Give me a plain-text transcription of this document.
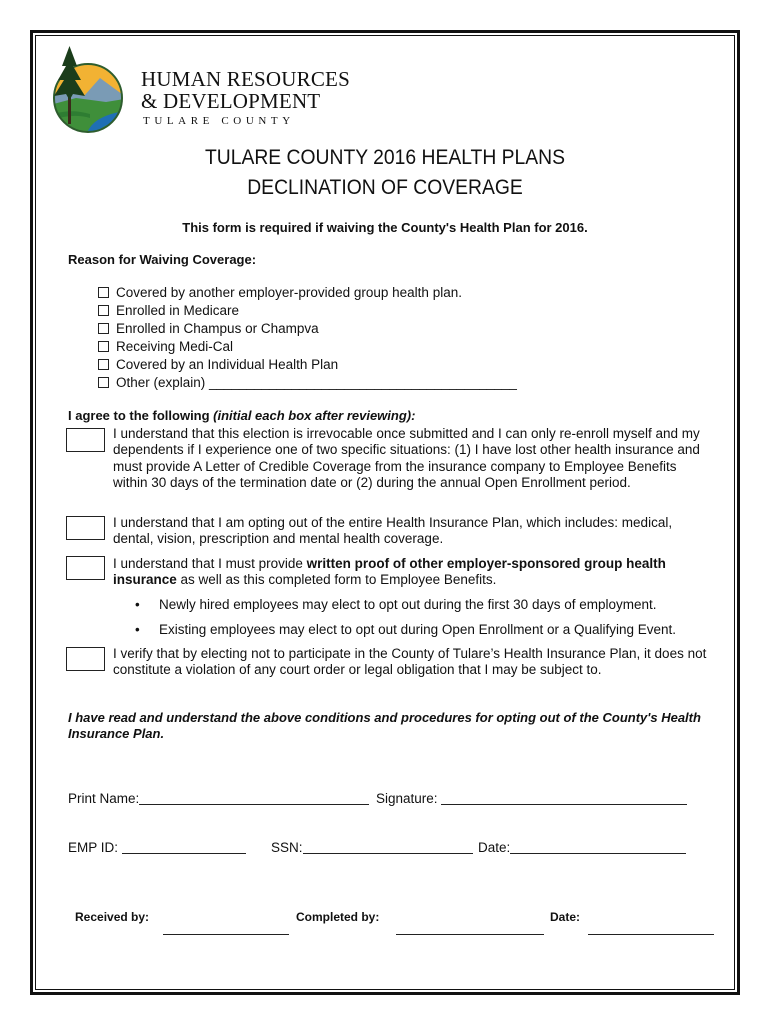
HUMAN RESOURCES
& DEVELOPMENT
TULARE COUNTY
TULARE COUNTY 2016 HEALTH PLANS
DECLINATION OF COVERAGE
This form is required if waiving the County's Health Plan for 2016.
Reason for Waiving Coverage:
Covered by another employer-provided group health plan.
Enrolled in Medicare
Enrolled in Champus or Champva
Receiving Medi-Cal
Covered by an Individual Health Plan
Other (explain) _________________________________________
I agree to the following (initial each box after reviewing):
I understand that this election is irrevocable once submitted and I can only re-enroll myself and my dependents if I experience one of two specific situations: (1) I have lost other health insurance and must provide A Letter of Credible Coverage from the insurance company to Employee Benefits within 30 days of the termination date or (2) during the annual Open Enrollment period.
I understand that I am opting out of the entire Health Insurance Plan, which includes: medical, dental, vision, prescription and mental health coverage.
I understand that I must provide written proof of other employer-sponsored group health insurance as well as this completed form to Employee Benefits.
• Newly hired employees may elect to opt out during the first 30 days of employment.
• Existing employees may elect to opt out during Open Enrollment or a Qualifying Event.
I verify that by electing not to participate in the County of Tulare’s Health Insurance Plan, it does not constitute a violation of any court order or legal obligation that I may be subject to.
I have read and understand the above conditions and procedures for opting out of the County's Health Insurance Plan.
Print Name:	Signature:
EMP ID:	SSN:	Date:
Received by:	Completed by:	Date:
